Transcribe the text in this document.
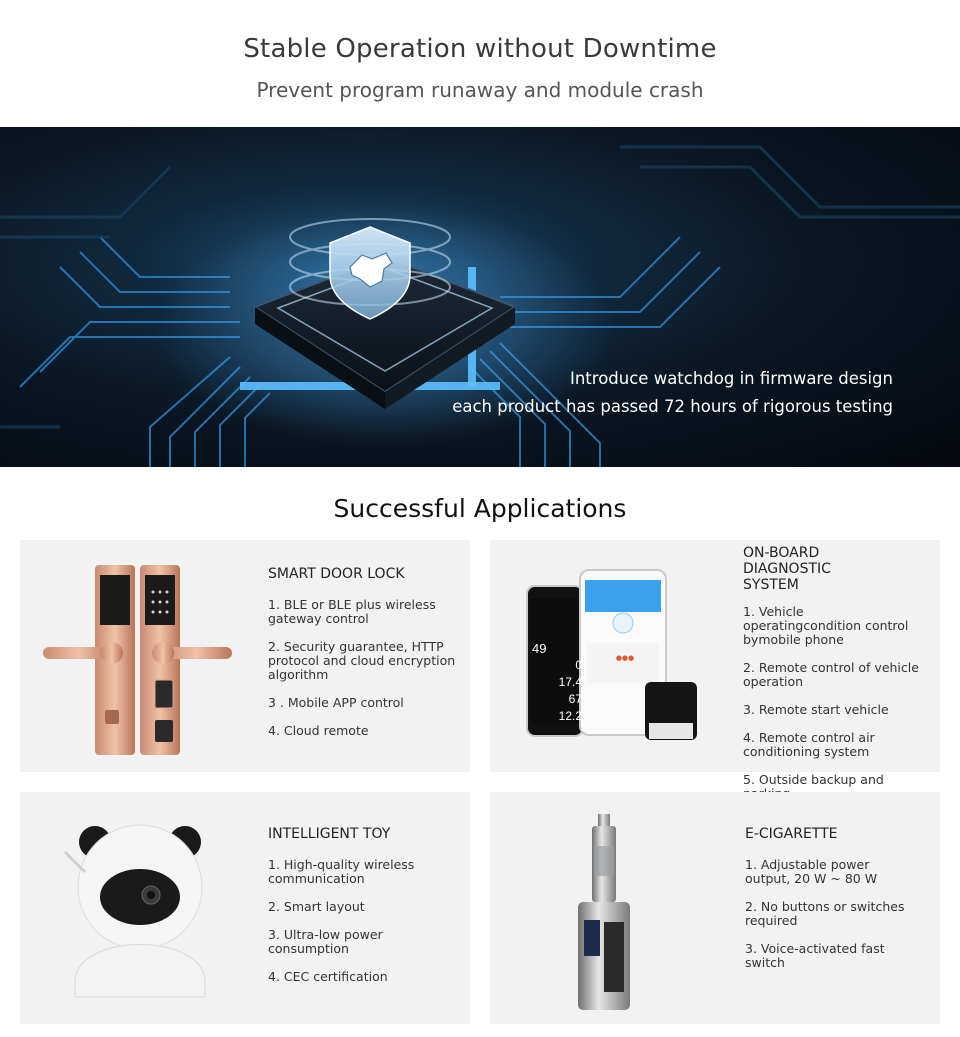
Stable Operation without Downtime
Prevent program runaway and module crash
Introduce watchdog in firmware design
each product has passed 72 hours of rigorous testing
Successful Applications
SMART DOOR LOCK
1. BLE or BLE plus wireless gateway control
2. Security guarantee, HTTP protocol and cloud encryption algorithm
3 . Mobile APP control
4. Cloud remote
●●●
49
0
17.4
67
12.2
ON-BOARD DIAGNOSTIC SYSTEM
1. Vehicle operatingcondition control bymobile phone
2. Remote control of vehicle operation
3. Remote start vehicle
4. Remote control air conditioning system
5. Outside backup and
INTELLIGENT TOY
1. High-quality wireless communication
2. Smart layout
3. Ultra-low power consumption
4. CEC certification
E-CIGARETTE
1. Adjustable power output, 20 W ~ 80 W
2. No buttons or switches required
3. Voice-activated fast switch
